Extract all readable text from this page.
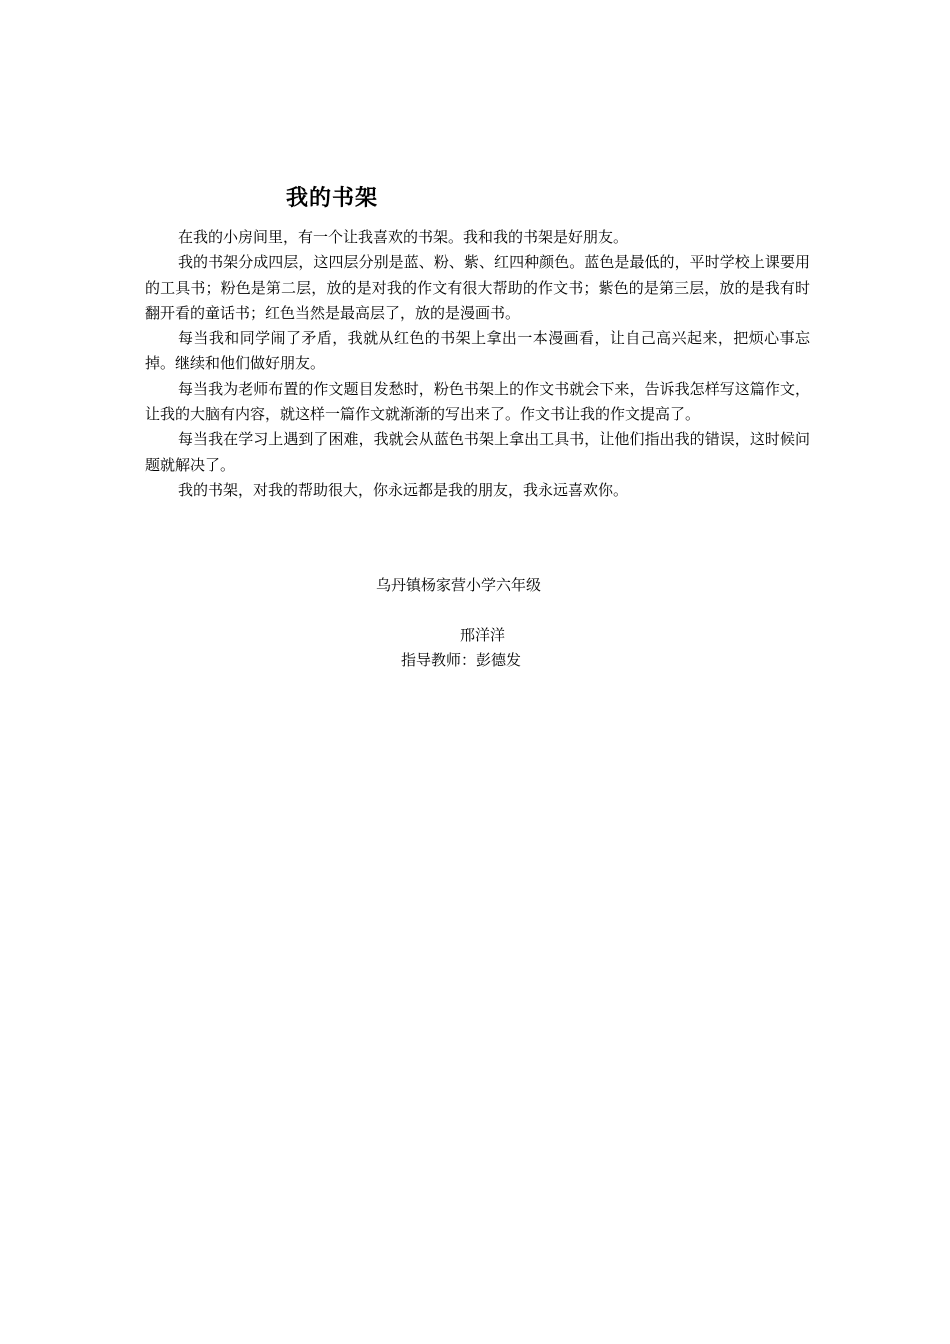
我的书架

在我的小房间里，有一个让我喜欢的书架。我和我的书架是好朋友。

我的书架分成四层，这四层分别是蓝、粉、紫、红四种颜色。蓝色是最低的，平时学校上课要用的工具书；粉色是第二层，放的是对我的作文有很大帮助的作文书；紫色的是第三层，放的是我有时翻开看的童话书；红色当然是最高层了，放的是漫画书。

每当我和同学闹了矛盾，我就从红色的书架上拿出一本漫画看，让自己高兴起来，把烦心事忘掉。继续和他们做好朋友。

每当我为老师布置的作文题目发愁时，粉色书架上的作文书就会下来，告诉我怎样写这篇作文，让我的大脑有内容，就这样一篇作文就渐渐的写出来了。作文书让我的作文提高了。

每当我在学习上遇到了困难，我就会从蓝色书架上拿出工具书，让他们指出我的错误，这时候问题就解决了。

我的书架，对我的帮助很大，你永远都是我的朋友，我永远喜欢你。

乌丹镇杨家营小学六年级
邢洋洋
指导教师：彭德发
